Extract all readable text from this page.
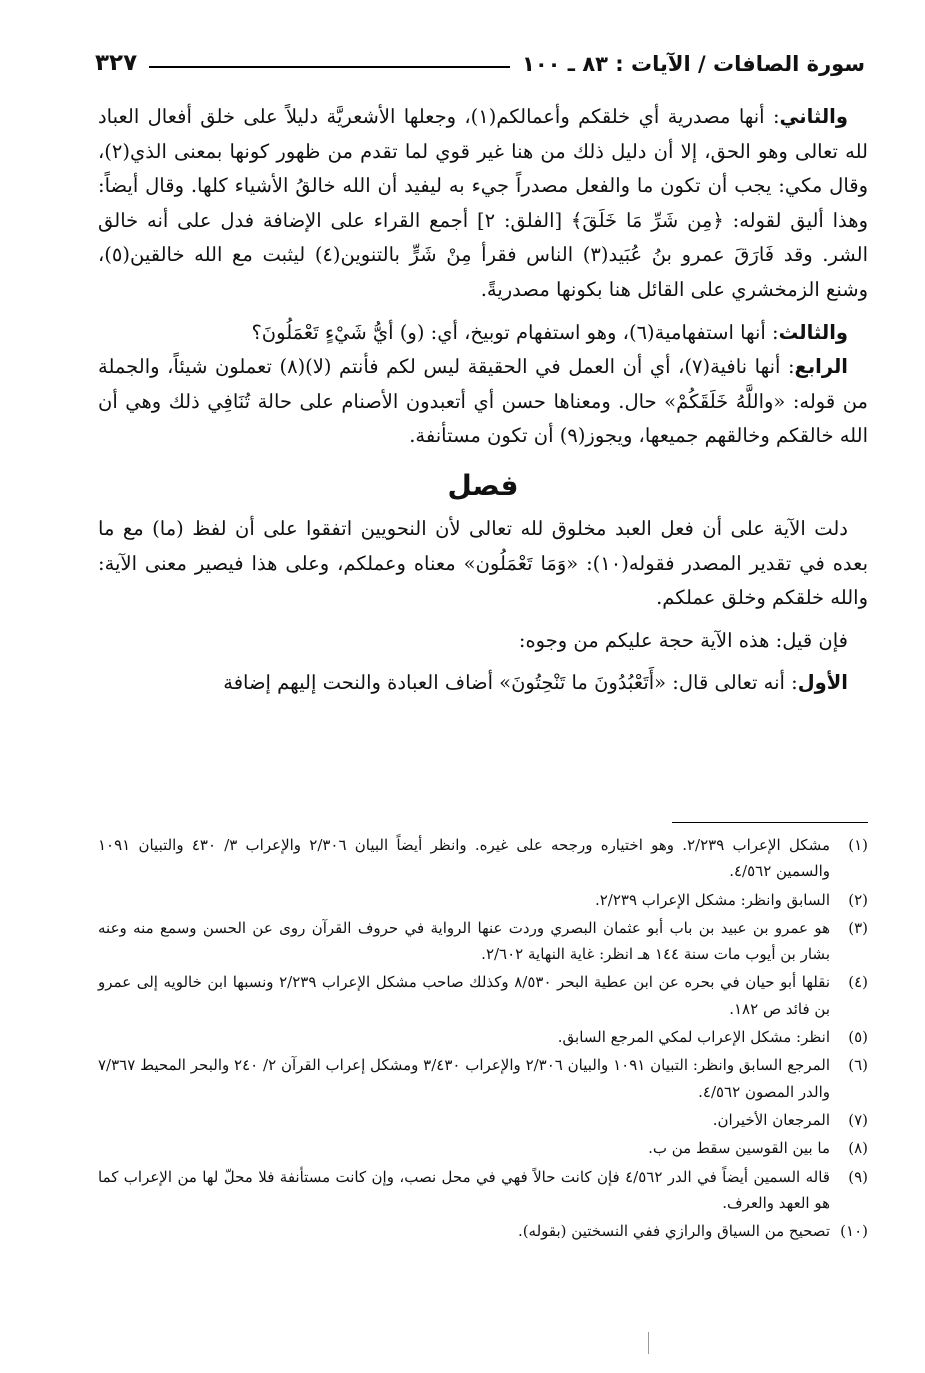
سورة الصافات / الآيات : ٨٣ ـ ١٠٠
٣٢٧

والثاني: أنها مصدرية أي خلقكم وأعمالكم(١)، وجعلها الأشعريَّة دليلاً على خلق أفعال العباد لله تعالى وهو الحق، إلا أن دليل ذلك من هنا غير قوي لما تقدم من ظهور كونها بمعنى الذي(٢)، وقال مكي: يجب أن تكون ما والفعل مصدراً جيء به ليفيد أن الله خالقُ الأشياء كلها. وقال أيضاً: وهذا أليق لقوله: ﴿مِن شَرِّ مَا خَلَقَ﴾ [الفلق: ٢] أجمع القراء على الإضافة فدل على أنه خالق الشر. وقد فَارَقَ عمرو بنُ عُبَيد(٣) الناس فقرأ مِنْ شَرٍّ بالتنوين(٤) ليثبت مع الله خالقين(٥)، وشنع الزمخشري على القائل هنا بكونها مصدريةً.

والثالث: أنها استفهامية(٦)، وهو استفهام توبيخ، أي: (و) أيُّ شَيْءٍ تَعْمَلُونَ؟

الرابع: أنها نافية(٧)، أي أن العمل في الحقيقة ليس لكم فأنتم (لا)(٨) تعملون شيئاً، والجملة من قوله: «واللَّهُ خَلَقَكُمْ» حال. ومعناها حسن أي أتعبدون الأصنام على حالة تُنَافِي ذلك وهي أن الله خالقكم وخالقهم جميعها، ويجوز(٩) أن تكون مستأنفة.

فصل

دلت الآية على أن فعل العبد مخلوق لله تعالى لأن النحويين اتفقوا على أن لفظ (ما) مع ما بعده في تقدير المصدر فقوله(١٠): «وَمَا تَعْمَلُون» معناه وعملكم، وعلى هذا فيصير معنى الآية: والله خلقكم وخلق عملكم.

فإن قيل: هذه الآية حجة عليكم من وجوه:

الأول: أنه تعالى قال: «أَتَعْبُدُونَ ما تَنْحِتُونَ» أضاف العبادة والنحت إليهم إضافة

(١)
مشكل الإعراب ٢/٢٣٩. وهو اختياره ورجحه على غيره. وانظر أيضاً البيان ٢/٣٠٦ والإعراب ٣/ ٤٣٠ والتبيان ١٠٩١ والسمين ٤/٥٦٢.
(٢)
السابق وانظر: مشكل الإعراب ٢/٢٣٩.
(٣)
هو عمرو بن عبيد بن باب أبو عثمان البصري وردت عنها الرواية في حروف القرآن روى عن الحسن وسمع منه وعنه بشار بن أيوب مات سنة ١٤٤ هـ انظر: غاية النهاية ٢/٦٠٢.
(٤)
نقلها أبو حيان في بحره عن ابن عطية البحر ٨/٥٣٠ وكذلك صاحب مشكل الإعراب ٢/٢٣٩ ونسبها ابن خالويه إلى عمرو بن فائد ص ١٨٢.
(٥)
انظر: مشكل الإعراب لمكي المرجع السابق.
(٦)
المرجع السابق وانظر: التبيان ١٠٩١ والبيان ٢/٣٠٦ والإعراب ٣/٤٣٠ ومشكل إعراب القرآن ٢/ ٢٤٠ والبحر المحيط ٧/٣٦٧ والدر المصون ٤/٥٦٢.
(٧)
المرجعان الأخيران.
(٨)
ما بين القوسين سقط من ب.
(٩)
قاله السمين أيضاً في الدر ٤/٥٦٢ فإن كانت حالاً فهي في محل نصب، وإن كانت مستأنفة فلا محلّ لها من الإعراب كما هو العهد والعرف.
(١٠)
تصحيح من السياق والرازي ففي النسختين (بقوله).
